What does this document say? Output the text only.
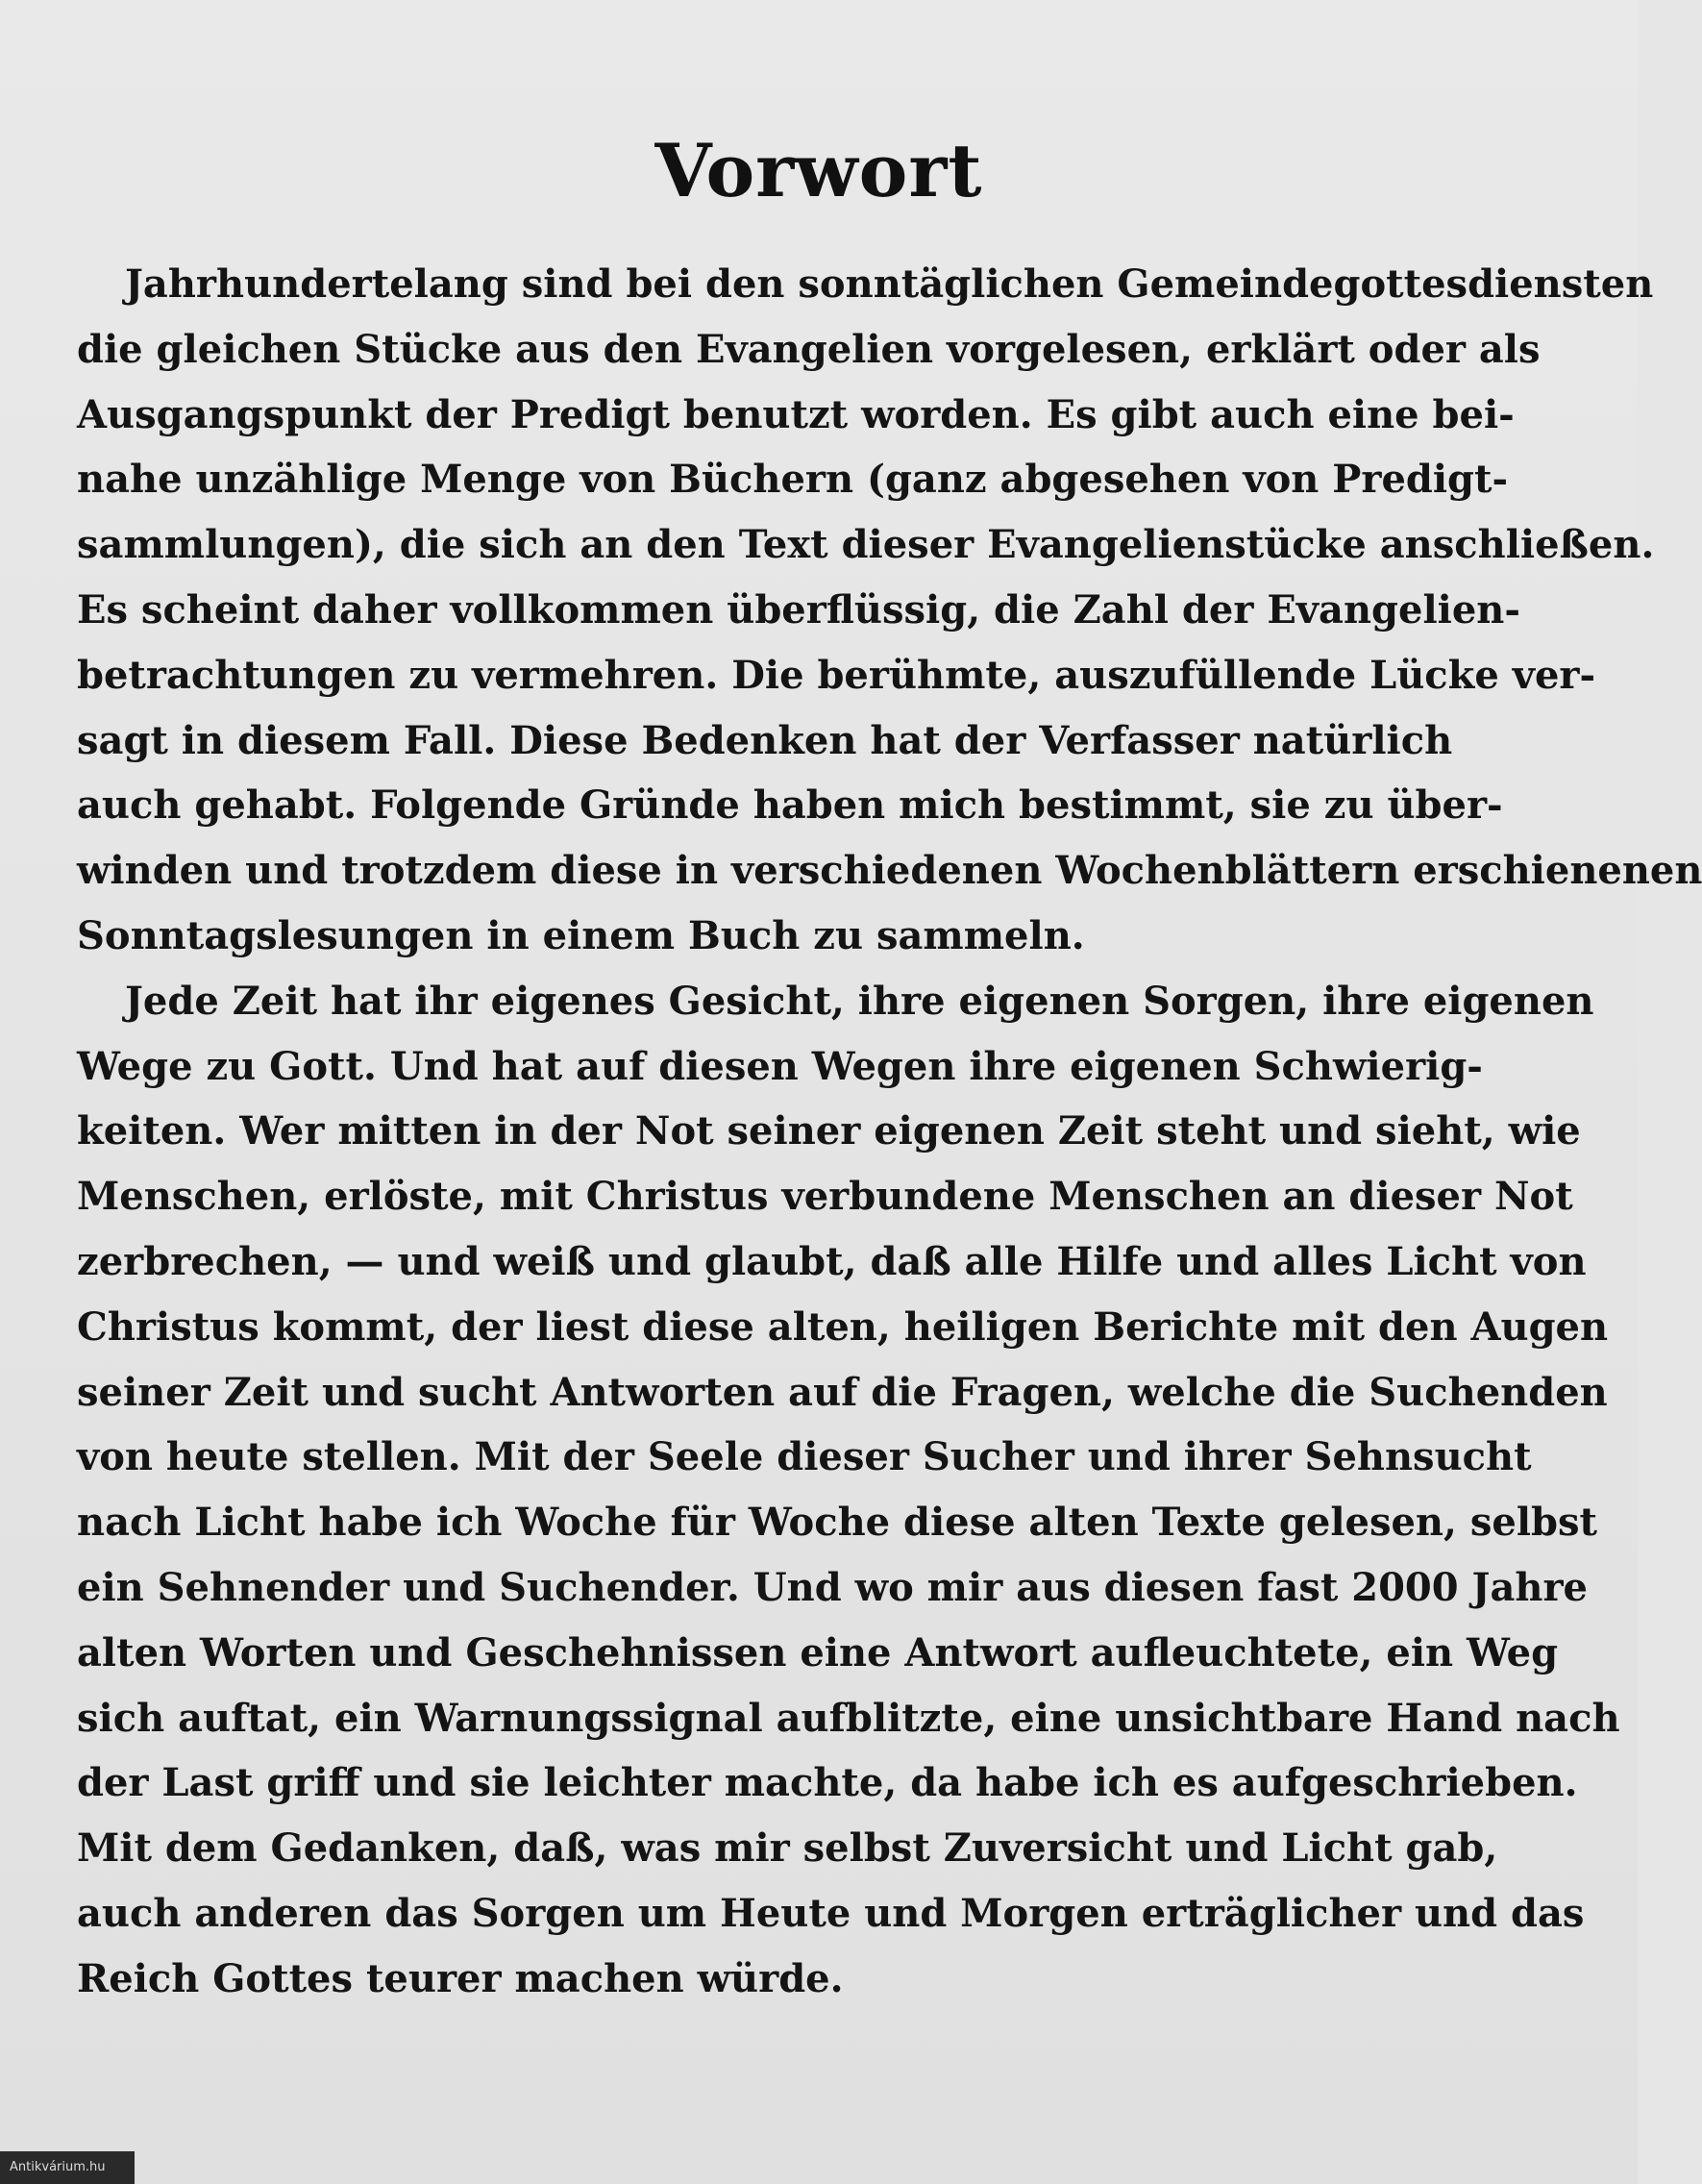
Vorwort
Jahrhundertelang sind bei den sonntäglichen Gemeindegottesdiensten
die gleichen Stücke aus den Evangelien vorgelesen, erklärt oder als
Ausgangspunkt der Predigt benutzt worden. Es gibt auch eine bei-
nahe unzählige Menge von Büchern (ganz abgesehen von Predigt-
sammlungen), die sich an den Text dieser Evangelienstücke anschließen.
Es scheint daher vollkommen überflüssig, die Zahl der Evangelien-
betrachtungen zu vermehren. Die berühmte, auszufüllende Lücke ver-
sagt in diesem Fall. Diese Bedenken hat der Verfasser natürlich
auch gehabt. Folgende Gründe haben mich bestimmt, sie zu über-
winden und trotzdem diese in verschiedenen Wochenblättern erschienenen
Sonntagslesungen in einem Buch zu sammeln.
Jede Zeit hat ihr eigenes Gesicht, ihre eigenen Sorgen, ihre eigenen
Wege zu Gott. Und hat auf diesen Wegen ihre eigenen Schwierig-
keiten. Wer mitten in der Not seiner eigenen Zeit steht und sieht, wie
Menschen, erlöste, mit Christus verbundene Menschen an dieser Not
zerbrechen, — und weiß und glaubt, daß alle Hilfe und alles Licht von
Christus kommt, der liest diese alten, heiligen Berichte mit den Augen
seiner Zeit und sucht Antworten auf die Fragen, welche die Suchenden
von heute stellen. Mit der Seele dieser Sucher und ihrer Sehnsucht
nach Licht habe ich Woche für Woche diese alten Texte gelesen, selbst
ein Sehnender und Suchender. Und wo mir aus diesen fast 2000 Jahre
alten Worten und Geschehnissen eine Antwort aufleuchtete, ein Weg
sich auftat, ein Warnungssignal aufblitzte, eine unsichtbare Hand nach
der Last griff und sie leichter machte, da habe ich es aufgeschrieben.
Mit dem Gedanken, daß, was mir selbst Zuversicht und Licht gab,
auch anderen das Sorgen um Heute und Morgen erträglicher und das
Reich Gottes teurer machen würde.
Antikvárium.hu
